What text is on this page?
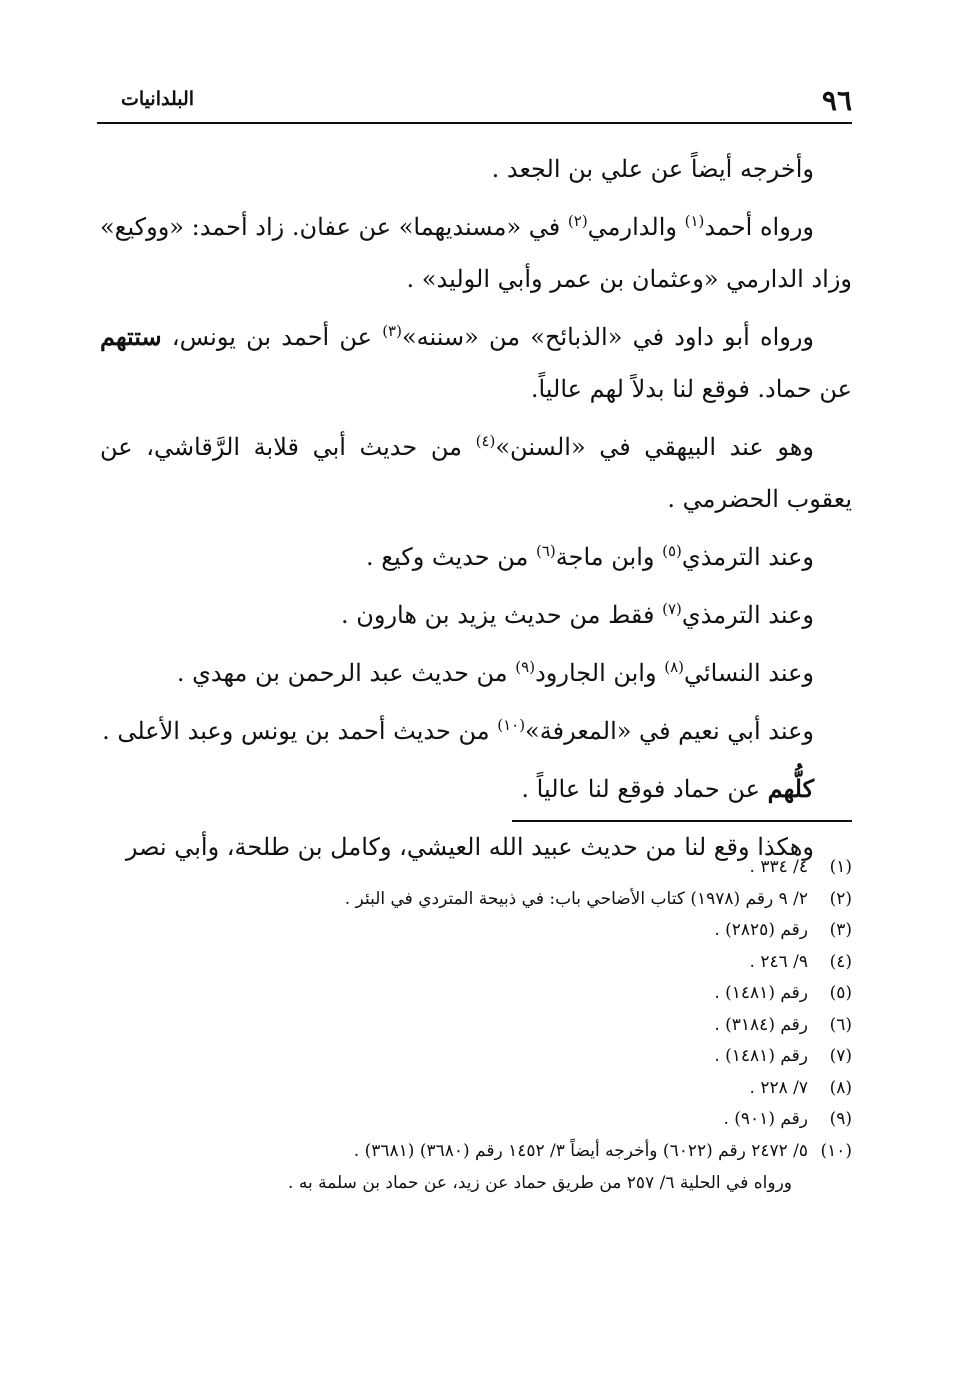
٩٦
البلدانيات

وأخرجه أيضاً عن علي بن الجعد .

ورواه أحمد$^{(١)}$ والدارمي$^{(٢)}$ في «مسنديهما» عن عفان. زاد أحمد: «ووكيع» وزاد الدارمي «وعثمان بن عمر وأبي الوليد» .

ورواه أبو داود في «الذبائح» من «سننه»$^{(٣)}$ عن أحمد بن يونس، ستتهم عن حماد. فوقع لنا بدلاً لهم عالياً.

وهو عند البيهقي في «السنن»$^{(٤)}$ من حديث أبي قلابة الرَّقاشي، عن يعقوب الحضرمي .

وعند الترمذي$^{(٥)}$ وابن ماجة$^{(٦)}$ من حديث وكيع .

وعند الترمذي$^{(٧)}$ فقط من حديث يزيد بن هارون .

وعند النسائي$^{(٨)}$ وابن الجارود$^{(٩)}$ من حديث عبد الرحمن بن مهدي .

وعند أبي نعيم في «المعرفة»$^{(١٠)}$ من حديث أحمد بن يونس وعبد الأعلى .

كلُّهم عن حماد فوقع لنا عالياً .

وهكذا وقع لنا من حديث عبيد الله العيشي، وكامل بن طلحة، وأبي نصر

(١)
٤/ ٣٣٤ .
(٢)
٢/ ٩ رقم (١٩٧٨) كتاب الأضاحي باب: في ذبيحة المتردي في البئر .
(٣)
رقم (٢٨٢٥) .
(٤)
٩/ ٢٤٦ .
(٥)
رقم (١٤٨١) .
(٦)
رقم (٣١٨٤) .
(٧)
رقم (١٤٨١) .
(٨)
٧/ ٢٢٨ .
(٩)
رقم (٩٠١) .
(١٠)
٥/ ٢٤٧٢ رقم (٦٠٢٢) وأخرجه أيضاً ٣/ ١٤٥٢ رقم (٣٦٨٠) (٣٦٨١) .
ورواه في الحلية ٦/ ٢٥٧ من طريق حماد عن زيد، عن حماد بن سلمة به .
